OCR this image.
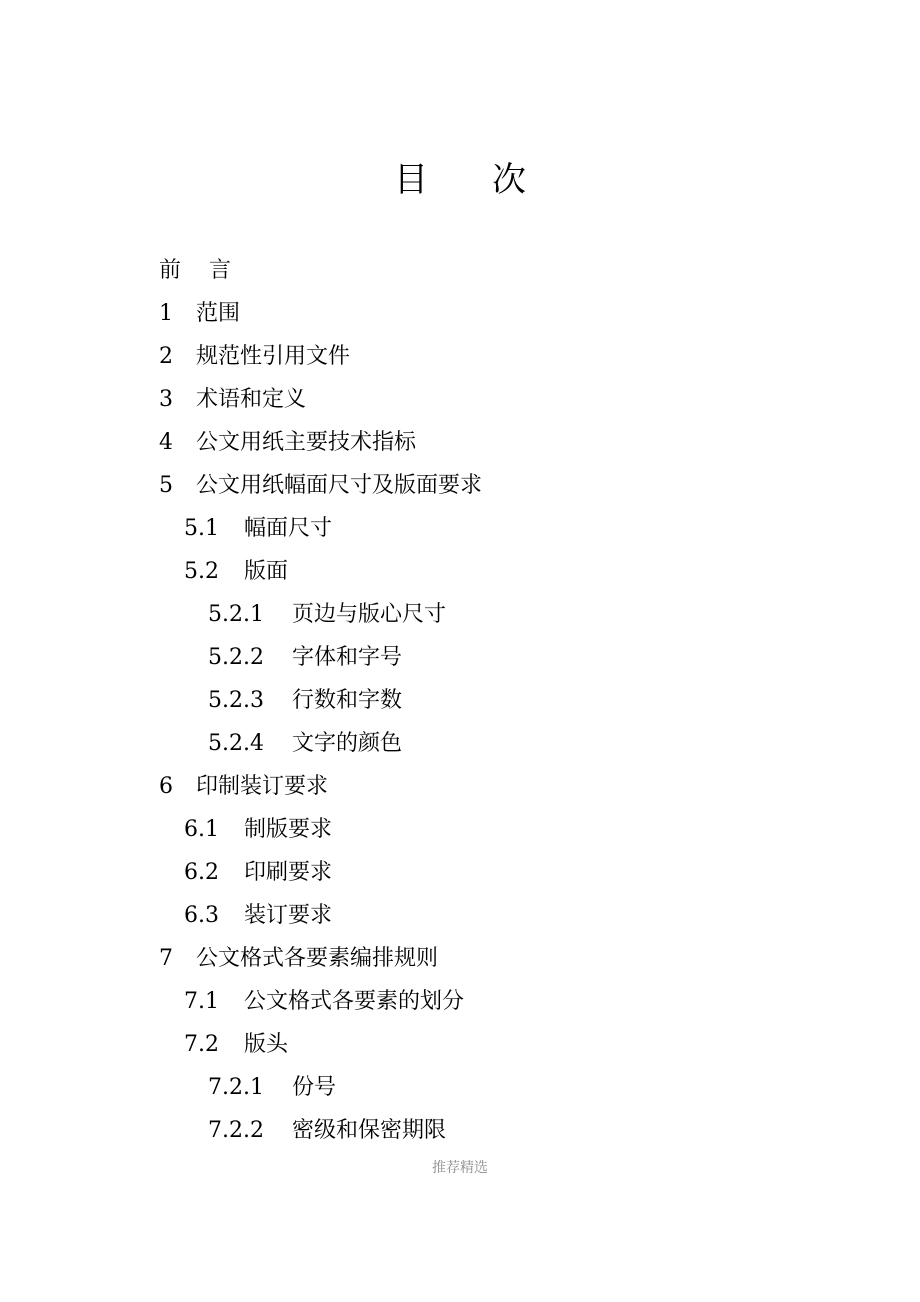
目 次
前言
1 范围
2 规范性引用文件
3 术语和定义
4 公文用纸主要技术指标
5 公文用纸幅面尺寸及版面要求
5.1 幅面尺寸
5.2 版面
5.2.1 页边与版心尺寸
5.2.2 字体和字号
5.2.3 行数和字数
5.2.4 文字的颜色
6 印制装订要求
6.1 制版要求
6.2 印刷要求
6.3 装订要求
7 公文格式各要素编排规则
7.1 公文格式各要素的划分
7.2 版头
7.2.1 份号
7.2.2 密级和保密期限
推荐精选
